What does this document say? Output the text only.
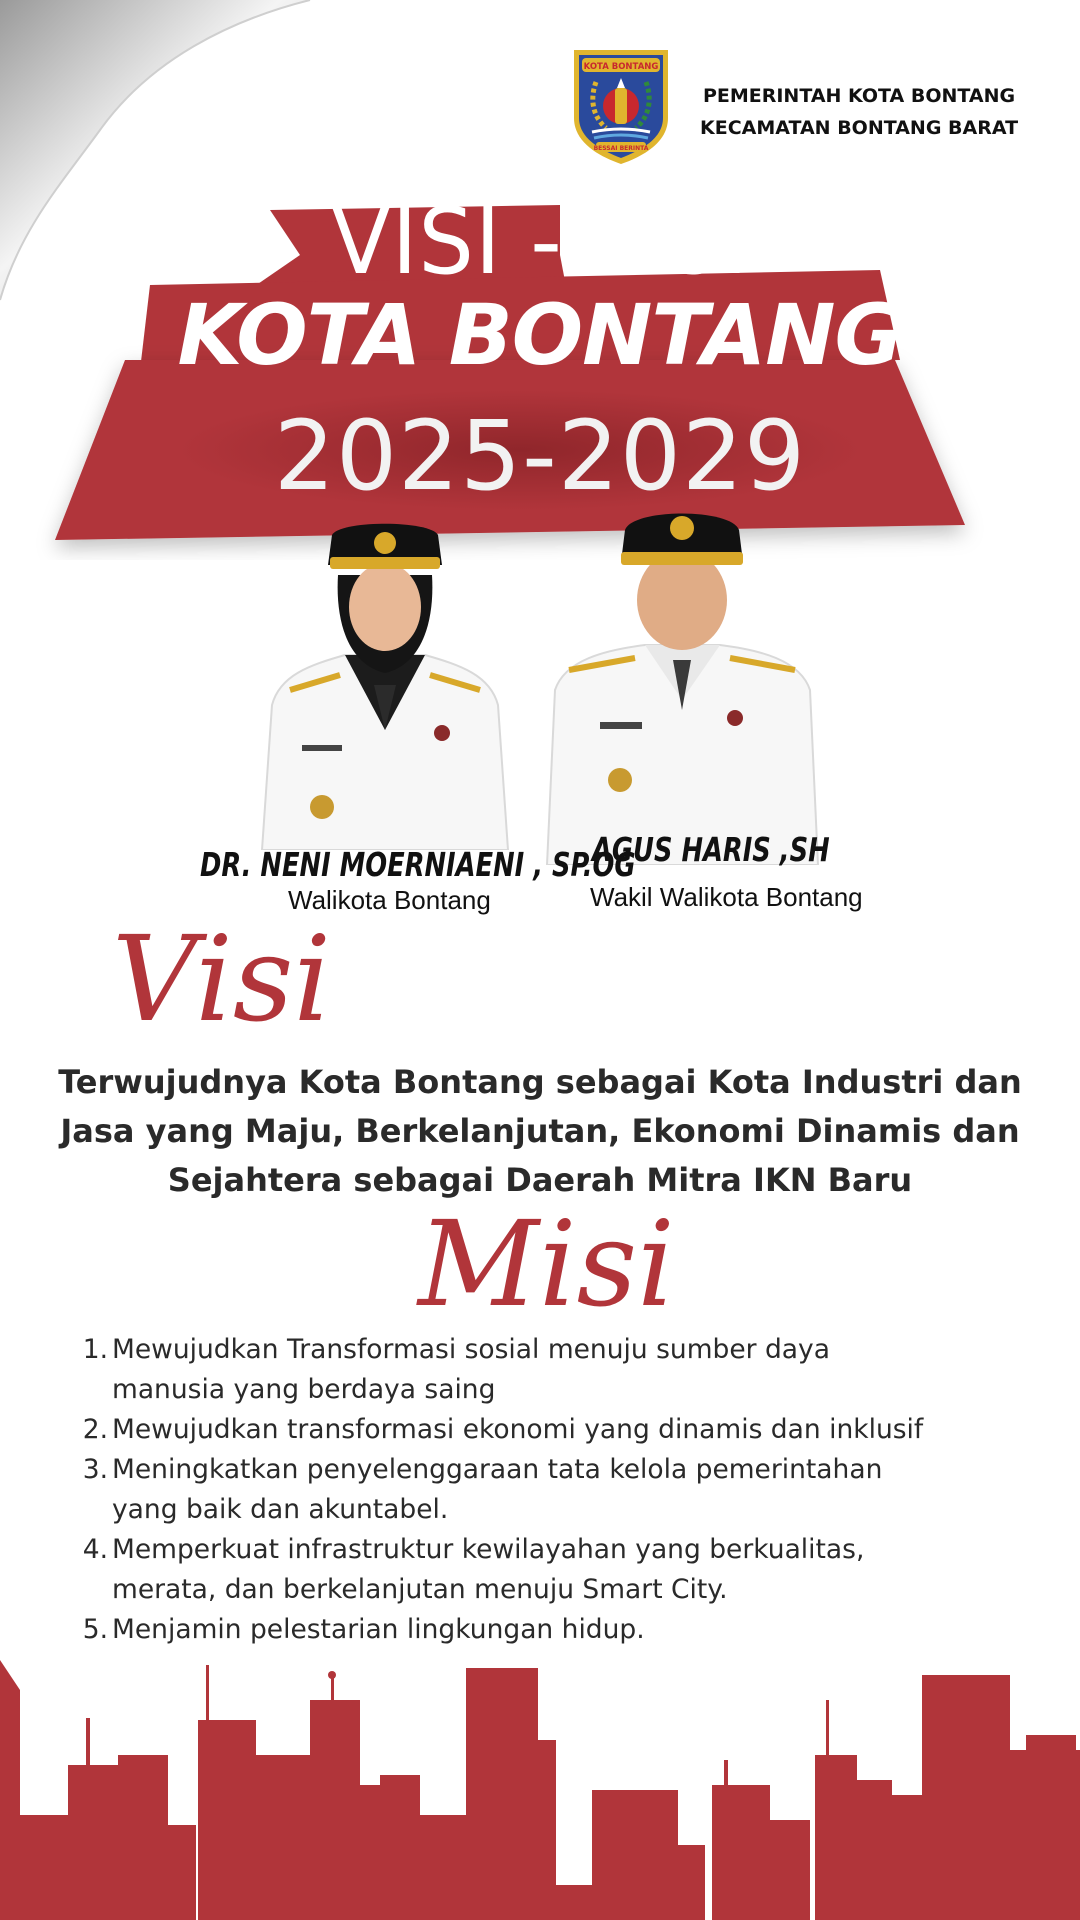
KOTA BONTANG
BESSAI BERINTA
PEMERINTAH KOTA BONTANG
KECAMATAN BONTANG BARAT
VISI -MISI
KOTA BONTANG
2025-2029
DR. NENI MOERNIAENI , SP.OG
Walikota Bontang
AGUS HARIS ,SH
Wakil Walikota Bontang
Visi
Terwujudnya Kota Bontang sebagai Kota Industri dan
Jasa yang Maju, Berkelanjutan, Ekonomi Dinamis dan
Sejahtera sebagai Daerah Mitra IKN Baru
Misi
1. Mewujudkan Transformasi sosial menuju sumber daya
manusia yang berdaya saing
2. Mewujudkan transformasi ekonomi yang dinamis dan inklusif
3. Meningkatkan penyelenggaraan tata kelola pemerintahan
yang baik dan akuntabel.
4. Memperkuat infrastruktur kewilayahan yang berkualitas,
merata, dan berkelanjutan menuju Smart City.
5. Menjamin pelestarian lingkungan hidup.
